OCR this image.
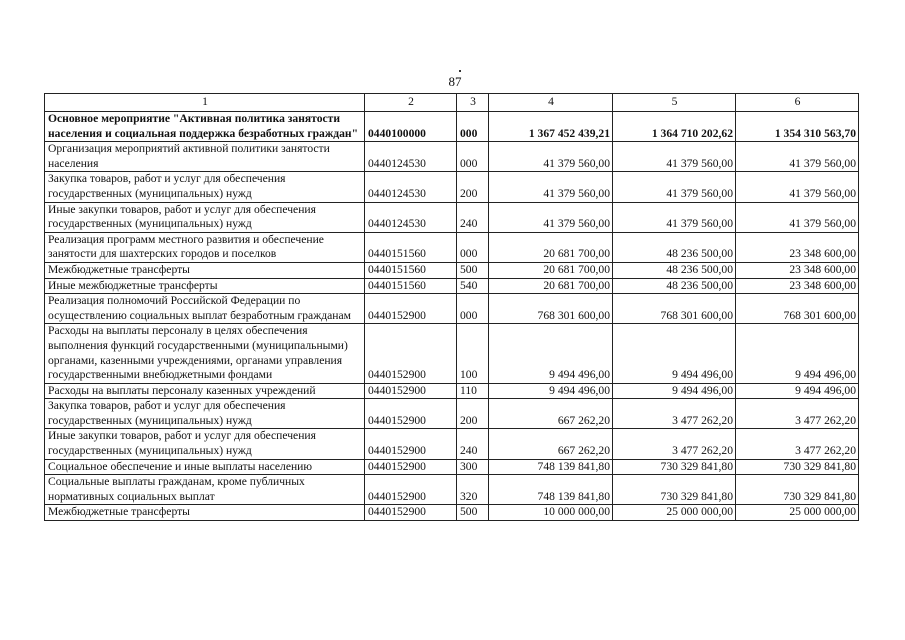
87
1	2	3	4	5	6
Основное мероприятие "Активная политика занятости населения и социальная поддержка безработных граждан"	0440100000	000	1 367 452 439,21	1 364 710 202,62	1 354 310 563,70
Организация мероприятий активной политики занятости населения	0440124530	000	41 379 560,00	41 379 560,00	41 379 560,00
Закупка товаров, работ и услуг для обеспечения государственных (муниципальных) нужд	0440124530	200	41 379 560,00	41 379 560,00	41 379 560,00
Иные закупки товаров, работ и услуг для обеспечения государственных (муниципальных) нужд	0440124530	240	41 379 560,00	41 379 560,00	41 379 560,00
Реализация программ местного развития и обеспечение занятости для шахтерских городов и поселков	0440151560	000	20 681 700,00	48 236 500,00	23 348 600,00
Межбюджетные трансферты	0440151560	500	20 681 700,00	48 236 500,00	23 348 600,00
Иные межбюджетные трансферты	0440151560	540	20 681 700,00	48 236 500,00	23 348 600,00
Реализация полномочий Российской Федерации по осуществлению социальных выплат безработным гражданам	0440152900	000	768 301 600,00	768 301 600,00	768 301 600,00
Расходы на выплаты персоналу в целях обеспечения выполнения функций государственными (муниципальными) органами, казенными учреждениями, органами управления государственными внебюджетными фондами	0440152900	100	9 494 496,00	9 494 496,00	9 494 496,00
Расходы на выплаты персоналу казенных учреждений	0440152900	110	9 494 496,00	9 494 496,00	9 494 496,00
Закупка товаров, работ и услуг для обеспечения государственных (муниципальных) нужд	0440152900	200	667 262,20	3 477 262,20	3 477 262,20
Иные закупки товаров, работ и услуг для обеспечения государственных (муниципальных) нужд	0440152900	240	667 262,20	3 477 262,20	3 477 262,20
Социальное обеспечение и иные выплаты населению	0440152900	300	748 139 841,80	730 329 841,80	730 329 841,80
Социальные выплаты гражданам, кроме публичных нормативных социальных выплат	0440152900	320	748 139 841,80	730 329 841,80	730 329 841,80
Межбюджетные трансферты	0440152900	500	10 000 000,00	25 000 000,00	25 000 000,00
